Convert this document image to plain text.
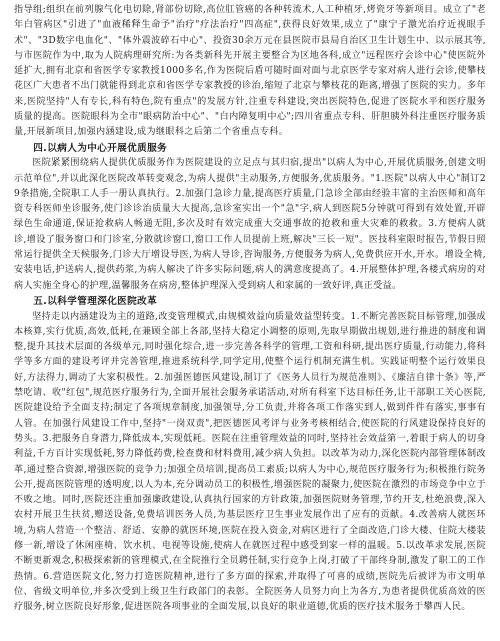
指导组;组织在前列腺气化电切除,肾部份切除,高位肛管癌的各种转流术,人工种植牙,烤瓷牙等新项目。成立了"老年白管病区"引进了"血液稀释生命予"治疗"疗法治疗"四高症",获得良好效果,成立了"康宁子激光治疗近视眼手术"、"3D数字电血化"、"体外震波碎石中心"、投资30余万元在县医院市县局自治区卫生计划生中、以示展其等,与市医院作为中,取为人院病理研究所:为各类新科先开展主要整合为区地各科,成立"远程医疗会诊中心"使医院外延扩大,拥有北京和省医学专家教授1000多名,作为医院后盾可随时面对面与北京医学专家对病人进行会诊,使攀枝花区广大患者不出门就能得到北京和省医学专家教授的诊治,缩短了北京与攀枝花的距离,增强了医院的实力。多年来,医院坚持"人有专长,科有特色,院有重点"的发展方针,注重专科建设,突出医院特色,促进了医院水平和医疗服务质量的提高。医院眼科为全市"眼病防治中心"、"白内障复明中心";四川省重点专科、肝胆胰外科注重医疗服务质量,开展新项目,加强内涵建设,成为继眼科之后第二个省重点专科。

四.以病人为中心开展优质服务

医院紧紧围绕病人提供优质服务作为医院建设的立足点与其归宿,提出"以病人为中心,开展优质服务,创建文明示范单位",并以此深化医院改革转变观念,为病人提供"主动服务,方便服务,优质服务。"1.医院"以病人中心"制订29条措施,全院职工人手一册认真执行。2.加强门急诊力量,提高医疗质量,门急诊全部由经验丰富的主治医师和高年资专科医师坐诊服务,使门诊诊治质量大大提高,急诊室实出一个"急"字,病人到医院5分钟就可得到有效处置,开辟绿色生命通道,保证抢救病人畅通无阻,多次及时有效完成重大交通事故的抢救和重大灾难的救救。3.方便病人就诊,增设了服务窗口和门诊室,分散就诊窗口,窗口工作人员提前上班,解决"三长一短"。医技科室限时报告,节假日照常运行提供全天候服务,门诊大厅增设导医,为病人导诊,咨询服务,方便服务为病人,免费供应开水,开水。增设全椅,安装电话,护送病人,提供药浆,为病人解决了许多实际问题,病人的满意度提高了。4.开展整体护理,各楼式病房的对病人实施全身心的护理,温馨服务在病房,整体护理深入受到病人和家属的一致好评,真正受益。

五.以科学管理深化医院改革

坚持走以内涵建设为主的道路,改变管理模式,由规模效益向质量效益型转变。1.不断完善医院目标管理,加强成本核算,实行优质,高效,低耗,在兼顾全部上各部,坚持大稳定小调整的原则,先取早期做出规划,进行推进的制度和调整,提升其技术层面的各级单元,同时强化综合,进一步完善各科学的管理,工资和科研,提出医疗质量,行动能力,将科学等多方面的建设考评并完善管理,推进系统科学,同学定用,使整个运行机制充满生机。实践证明整个运行效果良好,方法得力,调动了大家积极性。2.加强医德医风建设,制订了《医务人员行为规范准则》、《廉洁自律十条》等,严禁吃请、收"红包",规范医疗服务行为,全面开展社会服务承诺活动,对所有科室下达目标任务,让干部职工关心医院,医院建设给予全面支持;制定了各项规章制度,加强领导,分工负责,并将各项工作落实到人,做到件件有落实,事事有人管。在加强行风建设工作中,坚持"一岗双责",把医德医风考评与业务考核相结合,使医院的行风建设保持良好的势头。3.把服务自身潜力,降低成本,实现低耗。医院在注重管理效益的同时,坚持社会效益第一,着眼于病人的切身利益,千方百计实现低耗,努力降低药费,检查费和材料费用,减少病人负担。以改革为动力,深化医院内部管理体制改革,通过整合资源,增强医院的竞争力;加强全员培训,提高员工素质;以病人为中心,规范医疗服务行为;积极推行院务公开,提高医院管理的透明度,以人为本,充分调动员工的积极性,增强医院的凝聚力,使医院在激烈的市场竞争中立于不败之地。同时,医院还注重加强廉政建设,认真执行国家的方针政策,加强医院财务管理,节约开支,杜绝浪费,深入农村开展卫生扶贫,赠送设备,免费培训医务人员,为基层医疗卫生事业发展作出了应有的贡献。4.改善病人就医环境,为病人营造一个整洁、舒适、安静的就医环境,医院在投入资金,对病区进行了全面改造,门诊大楼、住院大楼装修一新,增设了休闲座椅、饮水机、电视等设施,使病人在就医过程中感受到家一样的温暖。5.以改革求发展,医院不断更新观念,积极探索新的管理模式,在全院推行全员聘任制,实行竞争上岗,打破了干部终身制,激发了职工的工作热情。6.营造医院文化,努力打造医院精神,进行了多方面的探索,并取得了可喜的成绩,医院先后被评为市文明单位、省级文明单位,并多次受到上级卫生行政部门的表彰。全院医务人员努力向上为各方,为患者提供优质高效的医疗服务,树立医院良好形象,促进医院各项事业的全面发展,以良好的职业道德,优质的医疗技术服务于攀西人民。
